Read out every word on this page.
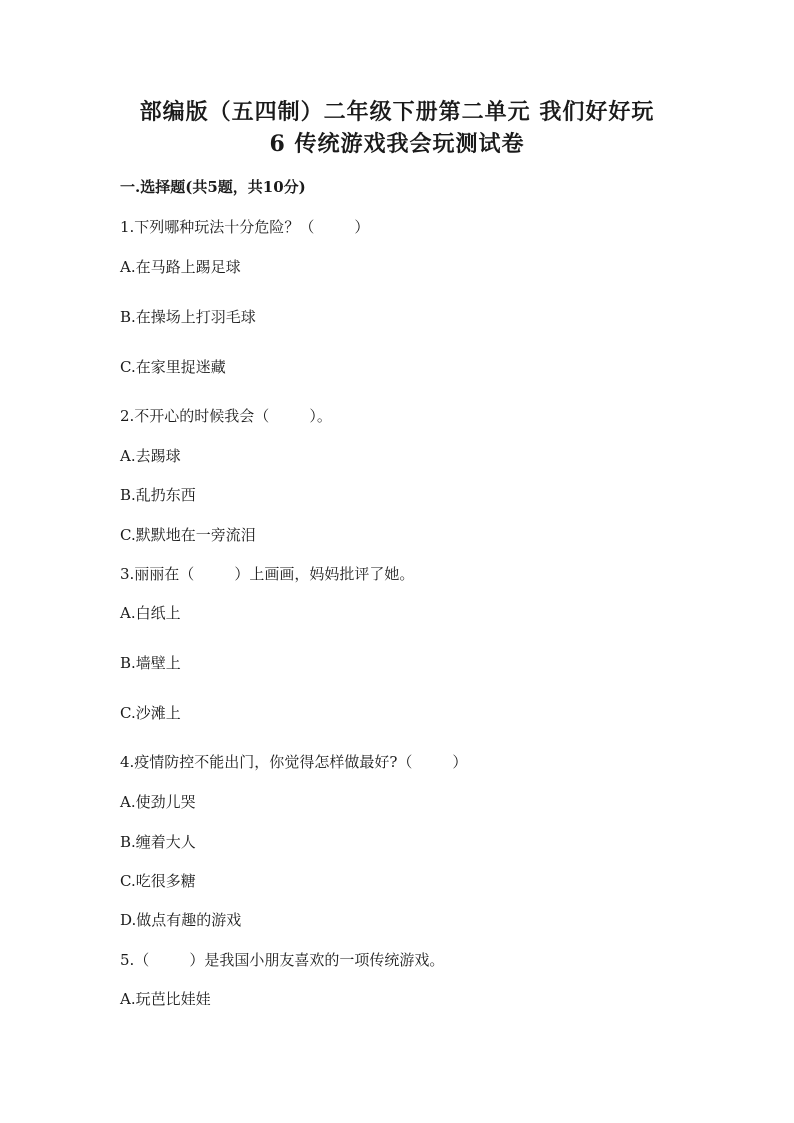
部编版（五四制）二年级下册第二单元 我们好好玩
6 传统游戏我会玩测试卷
一.选择题(共5题，共10分)
1.下列哪种玩法十分危险？（	）
A.在马路上踢足球
B.在操场上打羽毛球
C.在家里捉迷藏
2.不开心的时候我会（	）。
A.去踢球
B.乱扔东西
C.默默地在一旁流泪
3.丽丽在（	）上画画，妈妈批评了她。
A.白纸上
B.墙壁上
C.沙滩上
4.疫情防控不能出门，你觉得怎样做最好?（	）
A.使劲儿哭
B.缠着大人
C.吃很多糖
D.做点有趣的游戏
5.（	）是我国小朋友喜欢的一项传统游戏。
A.玩芭比娃娃
